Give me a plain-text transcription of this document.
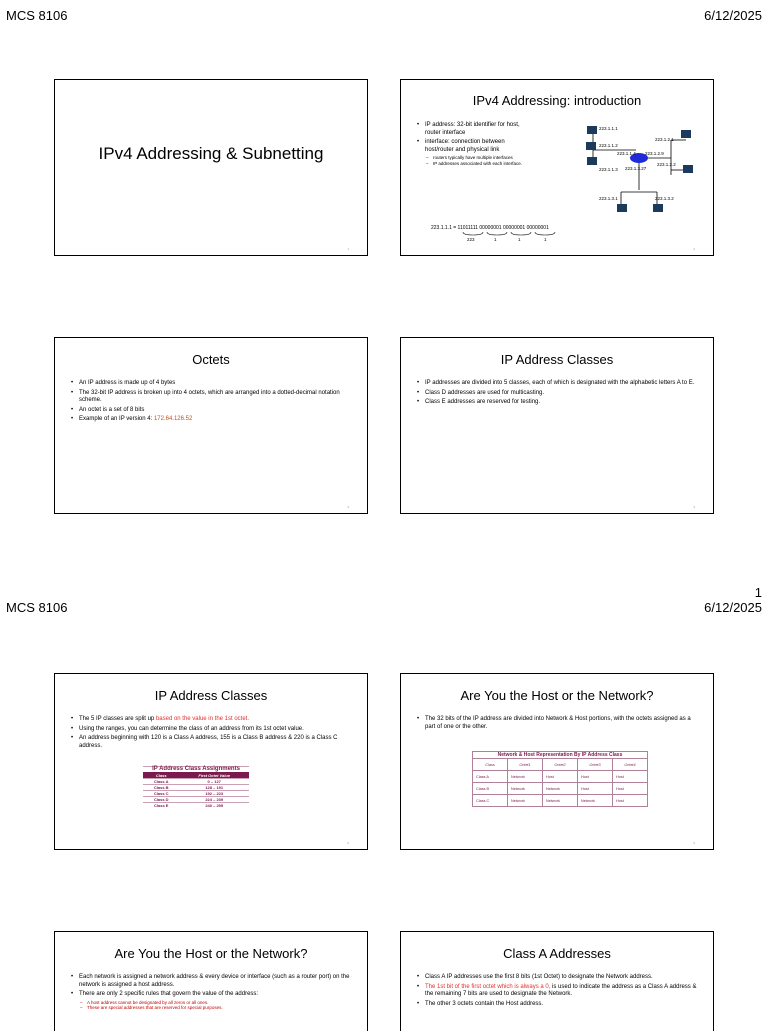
MCS 8106	6/12/2025
IPv4 Addressing & Subnetting
1
IPv4 Addressing: introduction
• IP address: 32-bit identifier for host, router interface
• interface: connection between host/router and physical link
– routers typically have multiple interfaces
– IP addresses associated with each interface.
223.1.1.1
223.1.1.2
223.1.1.3
223.1.1.4 223.1.2.9
223.1.2.1
223.1.2.2
223.1.3.27
223.1.3.1	223.1.3.2
223.1.1.1 = 11011111 00000001 00000001 00000001
223	1	1	1
2
Octets
• An IP address is made up of 4 bytes
• The 32-bit IP address is broken up into 4 octets, which are arranged into a dotted-decimal notation scheme.
• An octet is a set of 8 bits
• Example of an IP version 4: 172.64.126.52
3
IP Address Classes
• IP addresses are divided into 5 classes, each of which is designated with the alphabetic letters A to E.
• Class D addresses are used for multicasting.
• Class E addresses are reserved for testing.
4
1
MCS 8106	6/12/2025
IP Address Classes
• The 5 IP classes are split up based on the value in the 1st octet.
• Using the ranges, you can determine the class of an address from its 1st octet value.
• An address beginning with 120 is a Class A address, 155 is a Class B address & 220 is a Class C address.
IP Address Class Assignments	
Class	First Octet Value
Class A	0 – 127
Class B	128 – 191
Class C	192 – 223
Class D	224 – 239
Class E	240 – 255
5
Are You the Host or the Network?
• The 32 bits of the IP address are divided into Network & Host portions, with the octets assigned as a part of one or the other.
Network & Host Representation By IP Address Class				
Class	Octet1	Octet2	Octet3	Octet4
Class A	Network	Host	Host	Host
Class B	Network	Network	Host	Host
Class C	Network	Network	Network	Host
6
Are You the Host or the Network?
• Each network is assigned a network address & every device or interface (such as a router port) on the network is assigned a host address.
• There are only 2 specific rules that govern the value of the address:
– A host address cannot be designated by all zeros or all ones.
– These are special addresses that are reserved for special purposes.
Class A Addresses
• Class A IP addresses use the first 8 bits (1st Octet) to designate the Network address.
• The 1st bit of the first octet which is always a 0, is used to indicate the address as a Class A address & the remaining 7 bits are used to designate the Network.
• The other 3 octets contain the Host address.
